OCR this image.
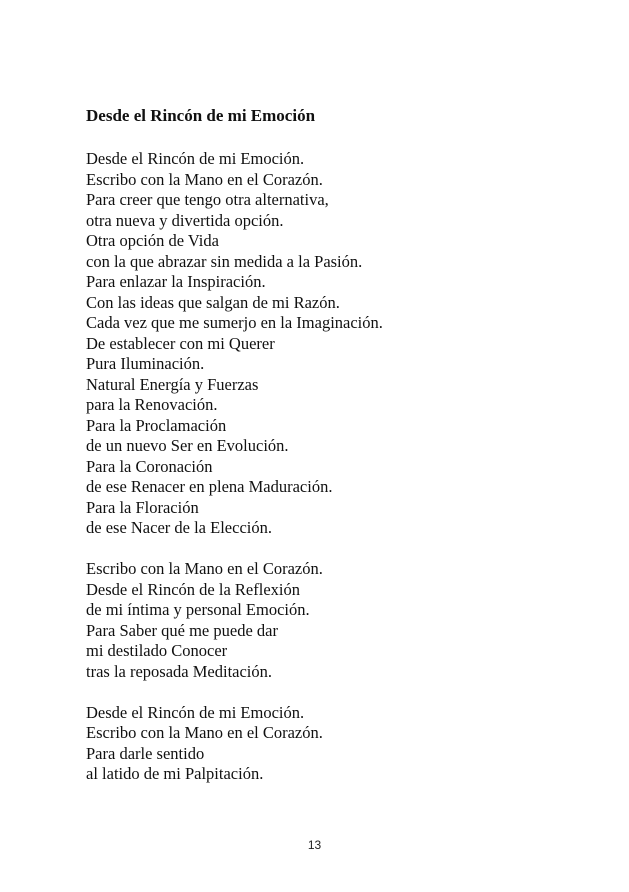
Desde el Rincón de mi Emoción
Desde el Rincón de mi Emoción.
Escribo con la Mano en el Corazón.
Para creer que tengo otra alternativa,
otra nueva y divertida opción.
Otra opción de Vida
con la que abrazar sin medida a la Pasión.
Para enlazar la Inspiración.
Con las ideas que salgan de mi Razón.
Cada vez que me sumerjo en la Imaginación.
De establecer con mi Querer
Pura Iluminación.
Natural Energía y Fuerzas
para la Renovación.
Para la Proclamación
de un nuevo Ser en Evolución.
Para la Coronación
de ese Renacer en plena Maduración.
Para la Floración
de ese Nacer de la Elección.
Escribo con la Mano en el Corazón.
Desde el Rincón de la Reflexión
de mi íntima y personal Emoción.
Para Saber qué me puede dar
mi destilado Conocer
tras la reposada Meditación.
Desde el Rincón de mi Emoción.
Escribo con la Mano en el Corazón.
Para darle sentido
al latido de mi Palpitación.
13
